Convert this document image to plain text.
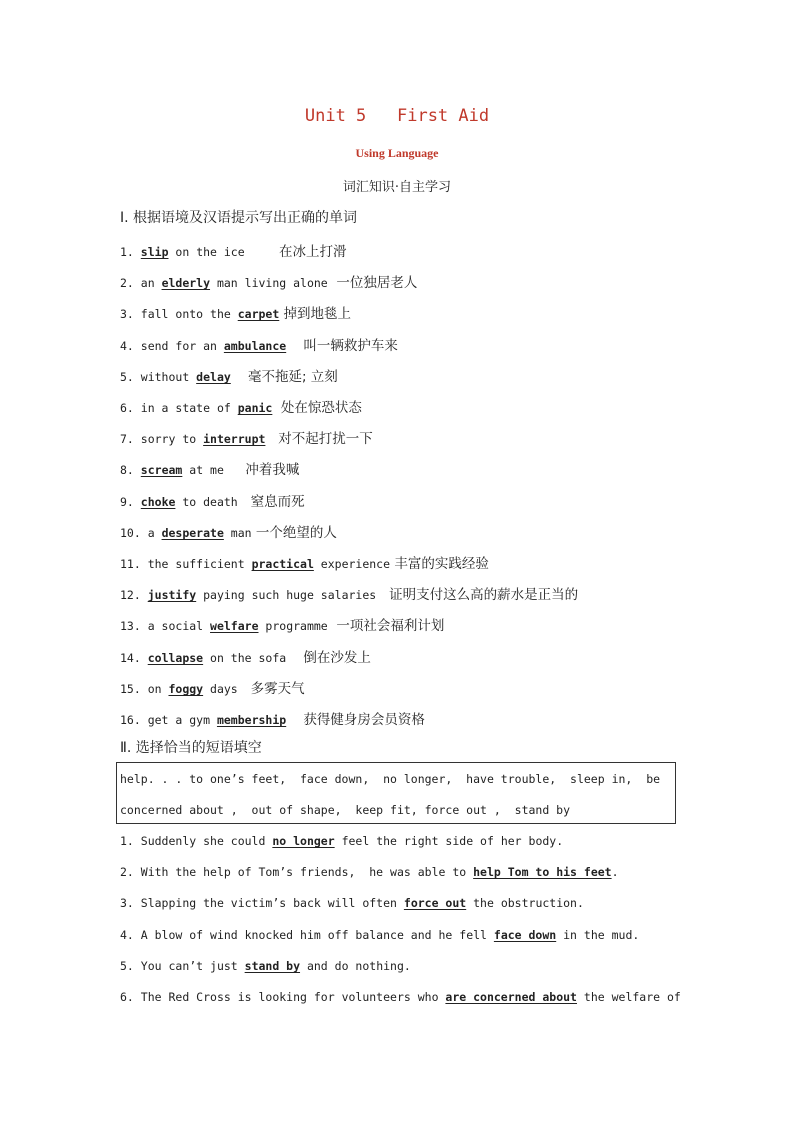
Unit 5   First Aid
Using Language
词汇知识·自主学习
Ⅰ. 根据语境及汉语提示写出正确的单词
1. slip on the ice        在冰上打滑
2. an elderly man living alone  一位独居老人
3. fall onto the carpet 掉到地毯上
4. send for an ambulance    叫一辆救护车来
5. without delay    毫不拖延; 立刻
6. in a state of panic  处在惊恐状态
7. sorry to interrupt   对不起打扰一下
8. scream at me     冲着我喊
9. choke to death   窒息而死
10. a desperate man 一个绝望的人
11. the sufficient practical experience 丰富的实践经验
12. justify paying such huge salaries   证明支付这么高的薪水是正当的
13. a social welfare programme  一项社会福利计划
14. collapse on the sofa    倒在沙发上
15. on foggy days   多雾天气
16. get a gym membership    获得健身房会员资格
Ⅱ. 选择恰当的短语填空
help. . . to one’s feet,  face down,  no longer,  have trouble,  sleep in,  be
concerned about ,  out of shape,  keep fit, force out ,  stand by
1. Suddenly she could no longer feel the right side of her body.
2. With the help of Tom’s friends,  he was able to help Tom to his feet.
3. Slapping the victim’s back will often force out the obstruction.
4. A blow of wind knocked him off balance and he fell face down in the mud.
5. You can’t just stand by and do nothing.
6. The Red Cross is looking for volunteers who are concerned about the welfare of
